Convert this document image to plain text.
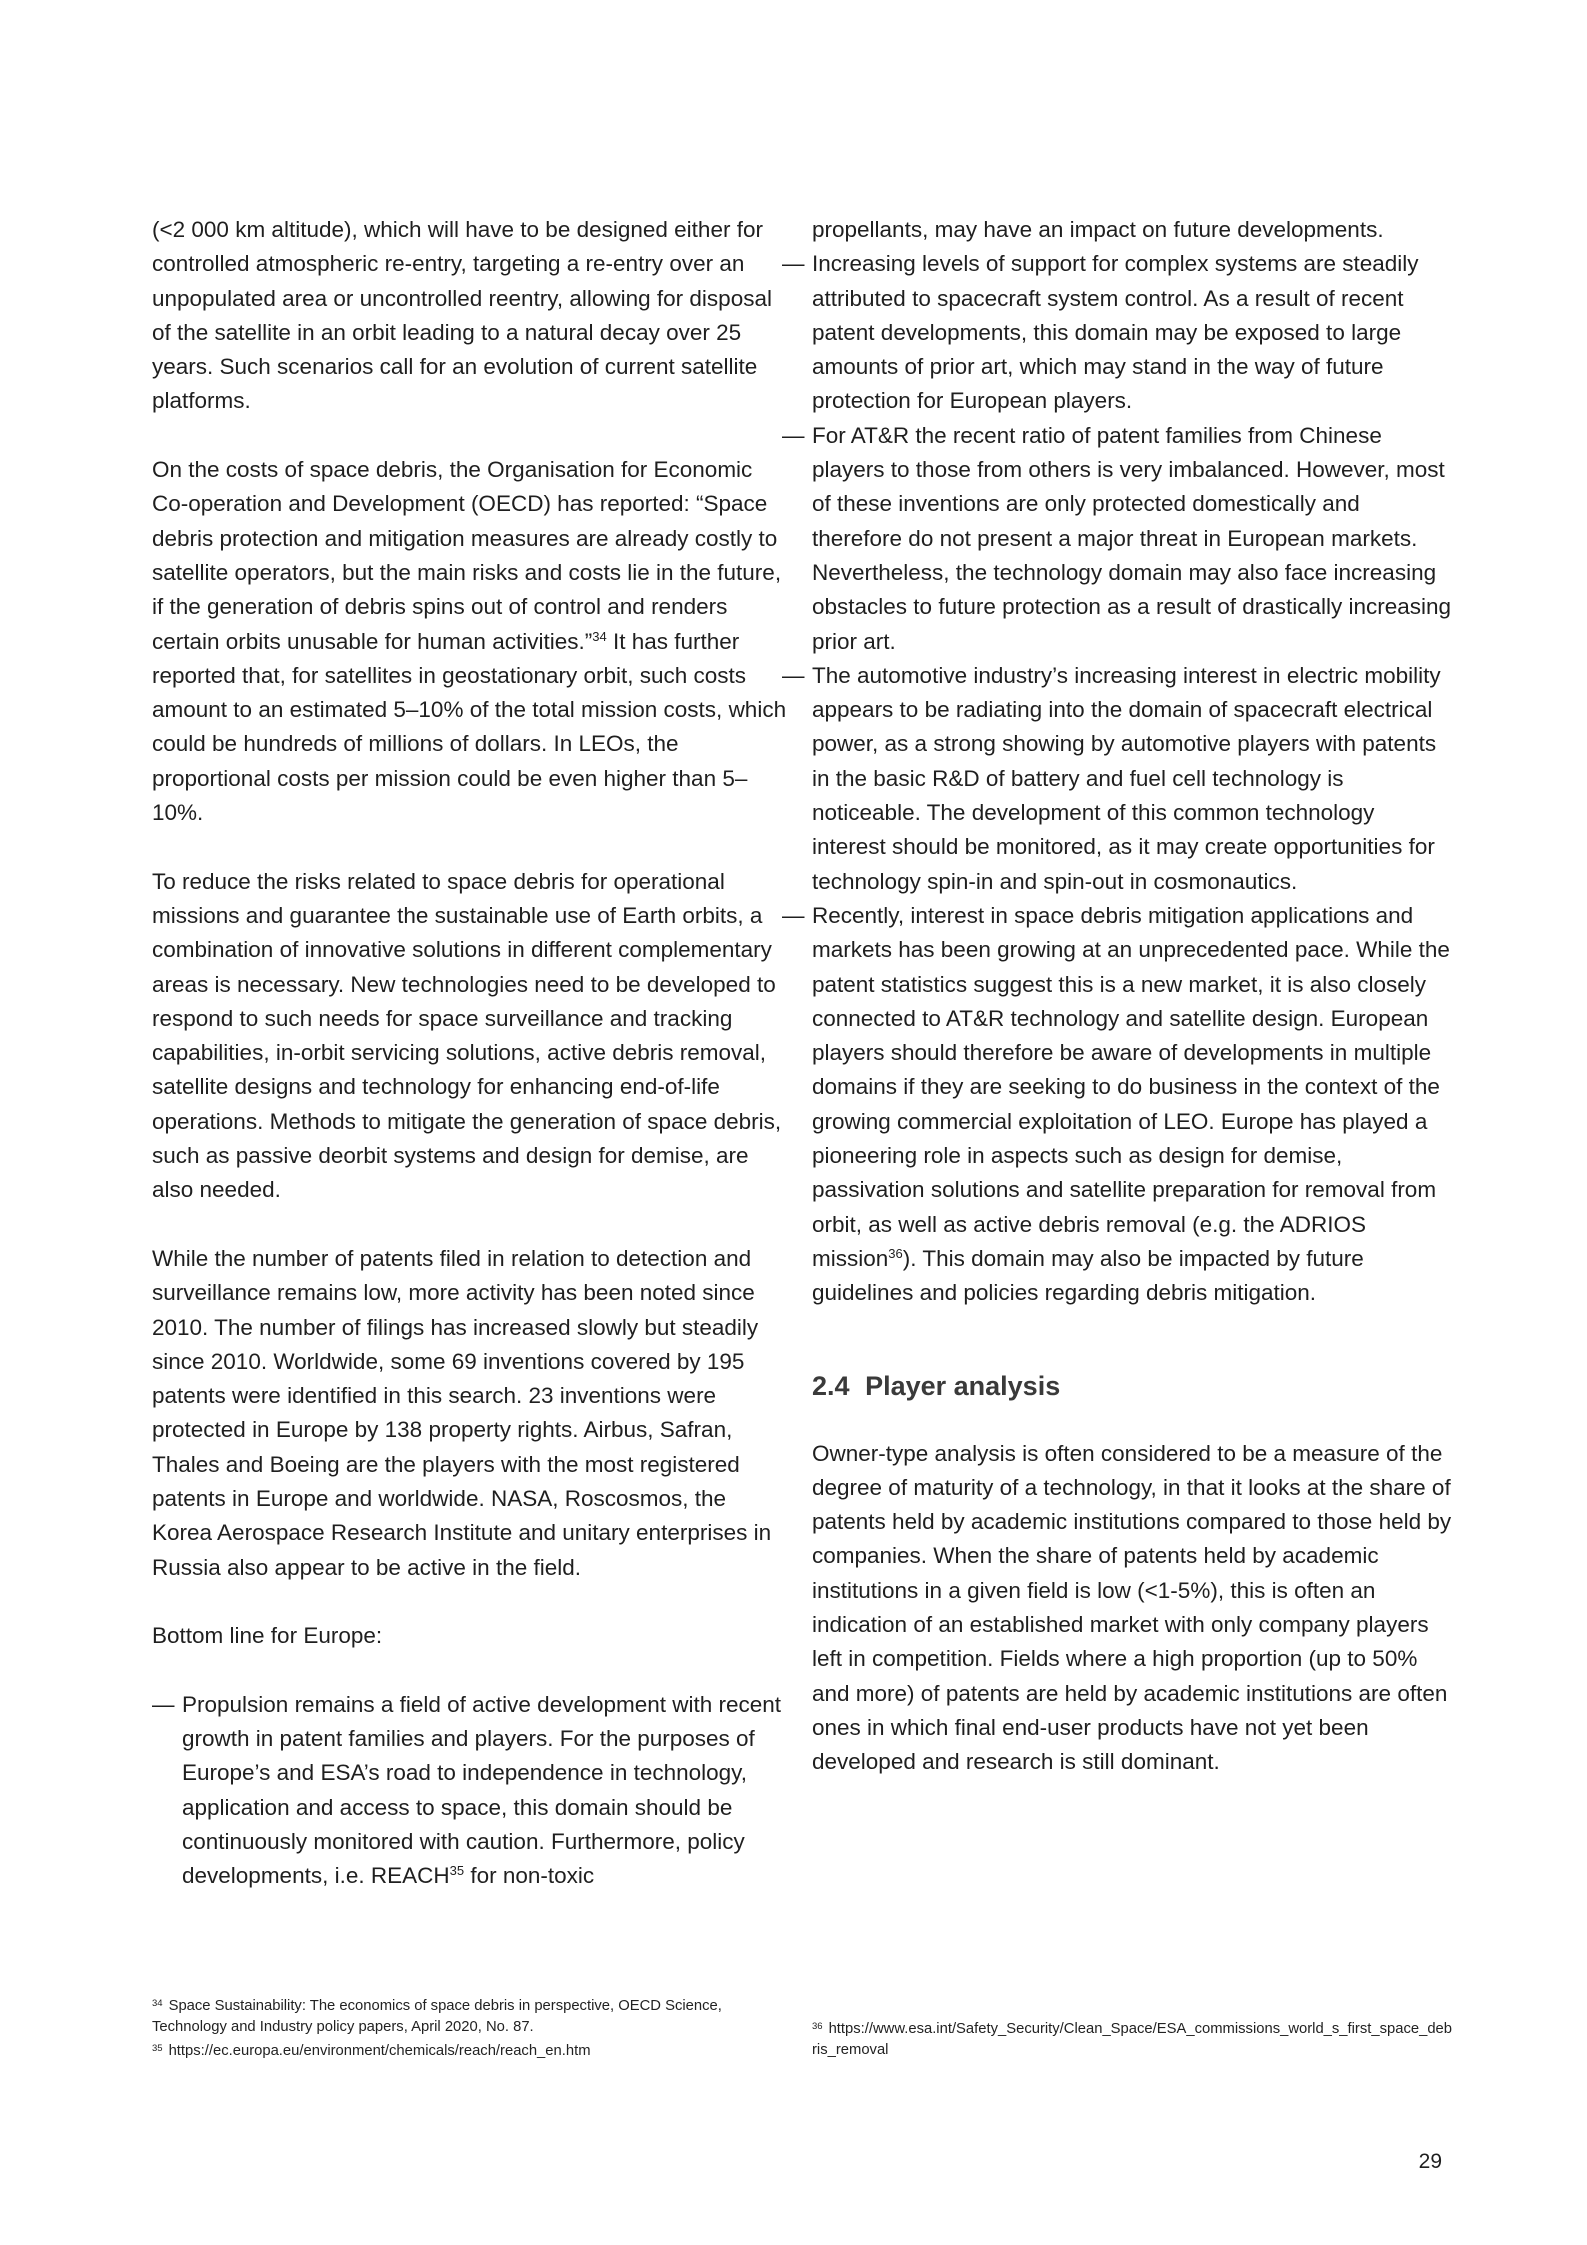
(<2 000 km altitude), which will have to be designed either for controlled atmospheric re-entry, targeting a re-entry over an unpopulated area or uncontrolled reentry, allowing for disposal of the satellite in an orbit leading to a natural decay over 25 years. Such scenarios call for an evolution of current satellite platforms.

On the costs of space debris, the Organisation for Economic Co-operation and Development (OECD) has reported: “Space debris protection and mitigation measures are already costly to satellite operators, but the main risks and costs lie in the future, if the generation of debris spins out of control and renders certain orbits unusable for human activities.”$^{34}$ It has further reported that, for satellites in geostationary orbit, such costs amount to an estimated 5–10% of the total mission costs, which could be hundreds of millions of dollars. In LEOs, the proportional costs per mission could be even higher than 5–10%.

To reduce the risks related to space debris for operational missions and guarantee the sustainable use of Earth orbits, a combination of innovative solutions in different complementary areas is necessary. New technologies need to be developed to respond to such needs for space surveillance and tracking capabilities, in-orbit servicing solutions, active debris removal, satellite designs and technology for enhancing end-of-life operations. Methods to mitigate the generation of space debris, such as passive deorbit systems and design for demise, are also needed.

While the number of patents filed in relation to detection and surveillance remains low, more activity has been noted since 2010. The number of filings has increased slowly but steadily since 2010. Worldwide, some 69 inventions covered by 195 patents were identified in this search. 23 inventions were protected in Europe by 138 property rights. Airbus, Safran, Thales and Boeing are the players with the most registered patents in Europe and worldwide. NASA, Roscosmos, the Korea Aerospace Research Institute and unitary enterprises in Russia also appear to be active in the field.

Bottom line for Europe:

— Propulsion remains a field of active development with recent growth in patent families and players. For the purposes of Europe’s and ESA’s road to independence in technology, application and access to space, this domain should be continuously monitored with caution. Furthermore, policy developments, i.e. REACH$^{35}$ for non-toxic
propellants, may have an impact on future developments.
— Increasing levels of support for complex systems are steadily attributed to spacecraft system control. As a result of recent patent developments, this domain may be exposed to large amounts of prior art, which may stand in the way of future protection for European players.
— For AT&R the recent ratio of patent families from Chinese players to those from others is very imbalanced. However, most of these inventions are only protected domestically and therefore do not present a major threat in European markets. Nevertheless, the technology domain may also face increasing obstacles to future protection as a result of drastically increasing prior art.
— The automotive industry’s increasing interest in electric mobility appears to be radiating into the domain of spacecraft electrical power, as a strong showing by automotive players with patents in the basic R&D of battery and fuel cell technology is noticeable. The development of this common technology interest should be monitored, as it may create opportunities for technology spin-in and spin-out in cosmonautics.
— Recently, interest in space debris mitigation applications and markets has been growing at an unprecedented pace. While the patent statistics suggest this is a new market, it is also closely connected to AT&R technology and satellite design. European players should therefore be aware of developments in multiple domains if they are seeking to do business in the context of the growing commercial exploitation of LEO. Europe has played a pioneering role in aspects such as design for demise, passivation solutions and satellite preparation for removal from orbit, as well as active debris removal (e.g. the ADRIOS mission$^{36}$). This domain may also be impacted by future guidelines and policies regarding debris mitigation.
2.4 Player analysis

Owner-type analysis is often considered to be a measure of the degree of maturity of a technology, in that it looks at the share of patents held by academic institutions compared to those held by companies. When the share of patents held by academic institutions in a given field is low (<1-5%), this is often an indication of an established market with only company players left in competition. Fields where a high proportion (up to 50% and more) of patents are held by academic institutions are often ones in which final end-user products have not yet been developed and research is still dominant.

$^{34}$ Space Sustainability: The economics of space debris in perspective, OECD Science, Technology and Industry policy papers, April 2020, No. 87.
$^{35}$ https://ec.europa.eu/environment/chemicals/reach/reach_en.htm
$^{36}$ https://www.esa.int/Safety_Security/Clean_Space/ESA_commissions_world_s_first_space_debris_removal
29
